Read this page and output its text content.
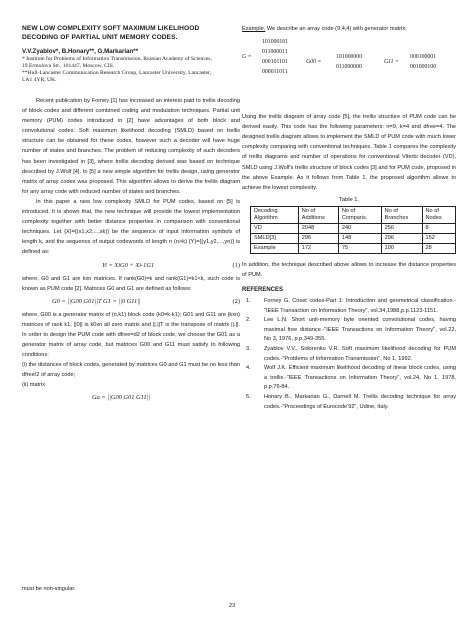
NEW LOW COMPLEXITY SOFT MAXIMUM LIKELIHOOD
DECODING OF PARTIAL UNIT MEMORY CODES.
V.V.Zyablov*, B.Honary**, G.Markarian**
* Institute for Problems of Information Transmission, Russian Academy of Sciences,
19 Ermolova Str., 101447, Moscow, CIS.
**Hull-Lancaster Communication Research Group, Lancaster University, Lancaster,
LA1 4YR, UK.

Recent publication by Forney [1] has increased an interest paid to trellis decoding of block codes and different combined coding and modulation techniques. Partial unit memory (PUM) codes introduced in [2] have advantages of both block and convolutional codes. Soft maximum likelihood decoding (SMLD) based on trellis structure can be obtained for these codes, however such a decoder will have huge number of states and branches. The problem of reducing complexity of such decoders has been investigated in [3], where trellis decoding derived was based on technique described by J.Wolf [4]. In [5] a new simple algorithm for trellis design, using generator matrix of array codes was proposed. This algorithm allows to derive the trellis diagram for any array code with reduced number of states and branches.

In this paper a new low complexity SMLD for PUM codes, based on [5] is introduced. It is shown that, the new technique will provide the lowest implementation complexity together with better distance properties in comparison with conventional techniques. Let {X}={(x1,x2,...,xk)} be the sequence of input information symbols of length k, and the sequence of output codewords of length n (n>k) {Y}={(y1,y2,...,yn)} is defined as:

Yi = XiG0 + Xi-1G1	(1)

where, G0 and G1 are kxn matrices. If rank(G0)=k and rank(G1)=k1<k, such code is known as PUM code [2]. Matrices G0 and G1 are defined as follows:

G0 = ||G00 G01||T G1 = ||0 G11||	(2)

where, G00 is a generator matrix of (n,k1) block code (k0=k-k1); G01 and G11 are (kxn) matrices of rank k1; ||0|| is k0xn all zero matrix and ||.||T is the transpose of matrix ||.||. In order to design the PUM code with dfree=d2 of block code, we choose the G01 as a generator matrix of array code, but matrices G00 and G11 must satisfy to following conditions:

(i) the distances of block codes, generated by matrices G0 and G1 must be no less than dfree/2 of array code;

(ii) matrix

Ga = ||G00 G01 G11||
must be non-singular.

Example. We describe an array code (9,4,4) with generator matrix:

101000101
011000011
000101101
000011011
G =
G00 =
101000000
011000000
G11 =
000100001
001000100

Using the trellis diagram of array code [5], the trellis structure of PUM code can be derived easily. This code has the following parameters: n=9, k=4 and dfree=4. The designed trellis diagram allows to implement the SMLD of PUM code with much lower complexity comparing with conventional techniques. Table 1 compares the complexity of trellis diagrams and number of operations for conventional Viterbi decoder (VD), SMLD using J.Wolf's trellis structure of block codes [3] and for PUM code, proposed in the above Example. As it follows from Table 1, the proposed algorithm allows to achieve the lowest complexity.

Table 1.
Decoding Algorithm	No of Additions	No of Comparis.	No of Branches	No of Nodes
VD	2048	240	256	8
SMLD[3]	296	148	296	152
Example	172	75	100	28

In addition, the technique described above allows to increase the distance properties of PUM.

REFERENCES
1.	Forney G. Coset codes-Part 1: Introduction and geometrical classification.-"IEEE Transaction on Information Theory", vol.34,1988,p.p.1123-1151.
2.	Lee L.N. Short unit-memory byte oriented convolutional codes, having maximal free distance.-"IEEE Transactions on Information Theory", vol.22, No 3, 1976, p.p.349-355.
3.	Zyablov V.V., Sidorenko V.R. Soft maximum likelihood decoding for PUM codes.-"Problems of Information Transmission", No 1, 1992.
4.	Wolf J.K. Efficient maximum likelihood decoding of linear block codes, using a trellis.-"IEEE Transactions on Information Theory", vol.24, No 1, 1978, p.p.76-84.
5.	Honary B., Markarian G., Darnell M. Trellis decoding technique for array codes.-"Proceedings of Eurocode'92", Udine, Italy.
23
